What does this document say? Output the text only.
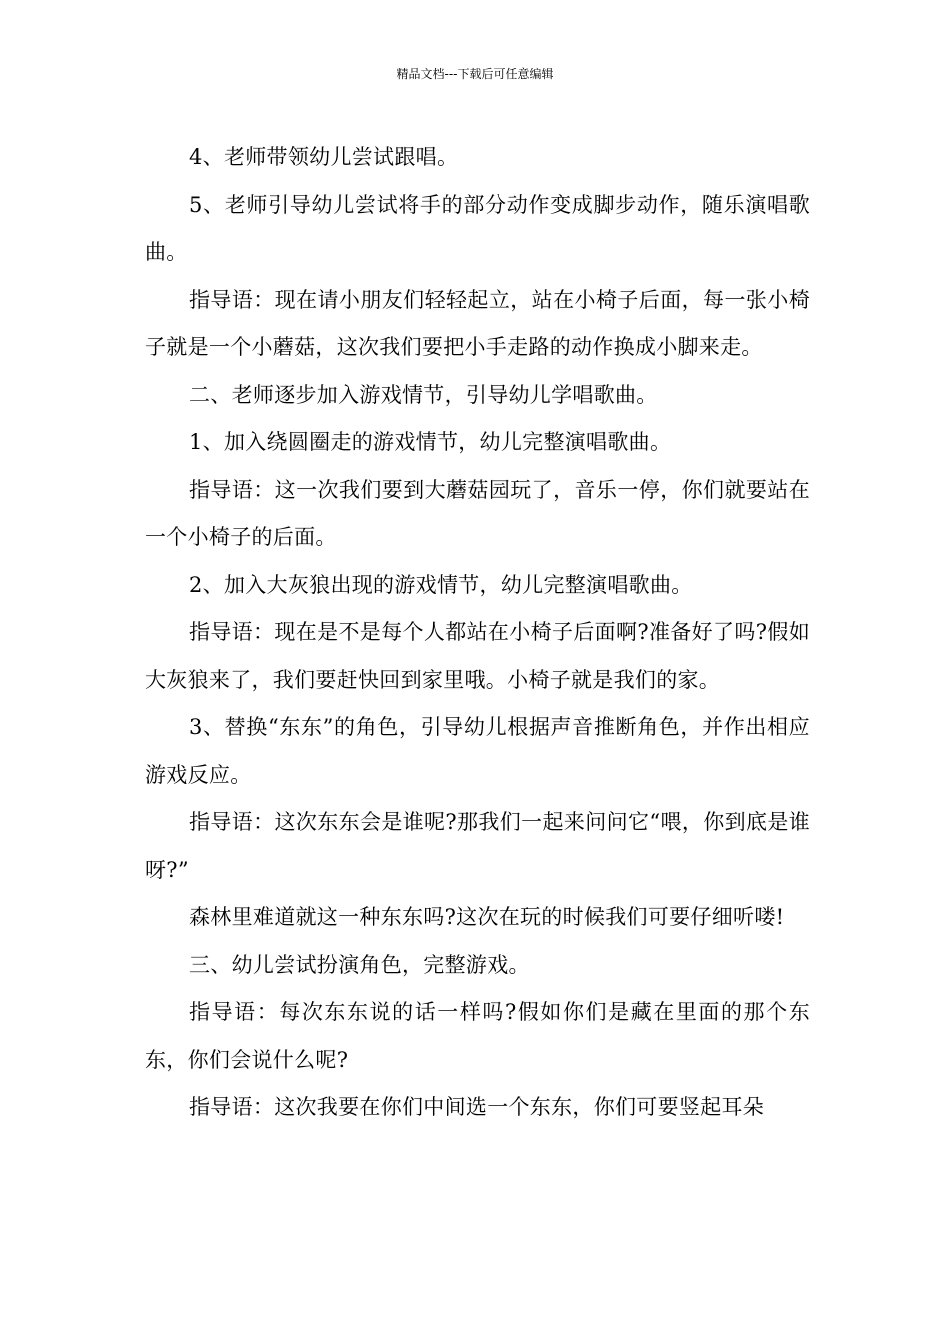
精品文档---下载后可任意编辑

4、老师带领幼儿尝试跟唱。

5、老师引导幼儿尝试将手的部分动作变成脚步动作，随乐演唱歌曲。

指导语：现在请小朋友们轻轻起立，站在小椅子后面，每一张小椅子就是一个小蘑菇，这次我们要把小手走路的动作换成小脚来走。

二、老师逐步加入游戏情节，引导幼儿学唱歌曲。

1、加入绕圆圈走的游戏情节，幼儿完整演唱歌曲。

指导语：这一次我们要到大蘑菇园玩了，音乐一停，你们就要站在一个小椅子的后面。

2、加入大灰狼出现的游戏情节，幼儿完整演唱歌曲。

指导语：现在是不是每个人都站在小椅子后面啊?准备好了吗?假如大灰狼来了，我们要赶快回到家里哦。小椅子就是我们的家。

3、替换“东东”的角色，引导幼儿根据声音推断角色，并作出相应游戏反应。

指导语：这次东东会是谁呢?那我们一起来问问它“喂，你到底是谁呀?”

森林里难道就这一种东东吗?这次在玩的时候我们可要仔细听喽!

三、幼儿尝试扮演角色，完整游戏。

指导语：每次东东说的话一样吗?假如你们是藏在里面的那个东东，你们会说什么呢?

指导语：这次我要在你们中间选一个东东，你们可要竖起耳朵
